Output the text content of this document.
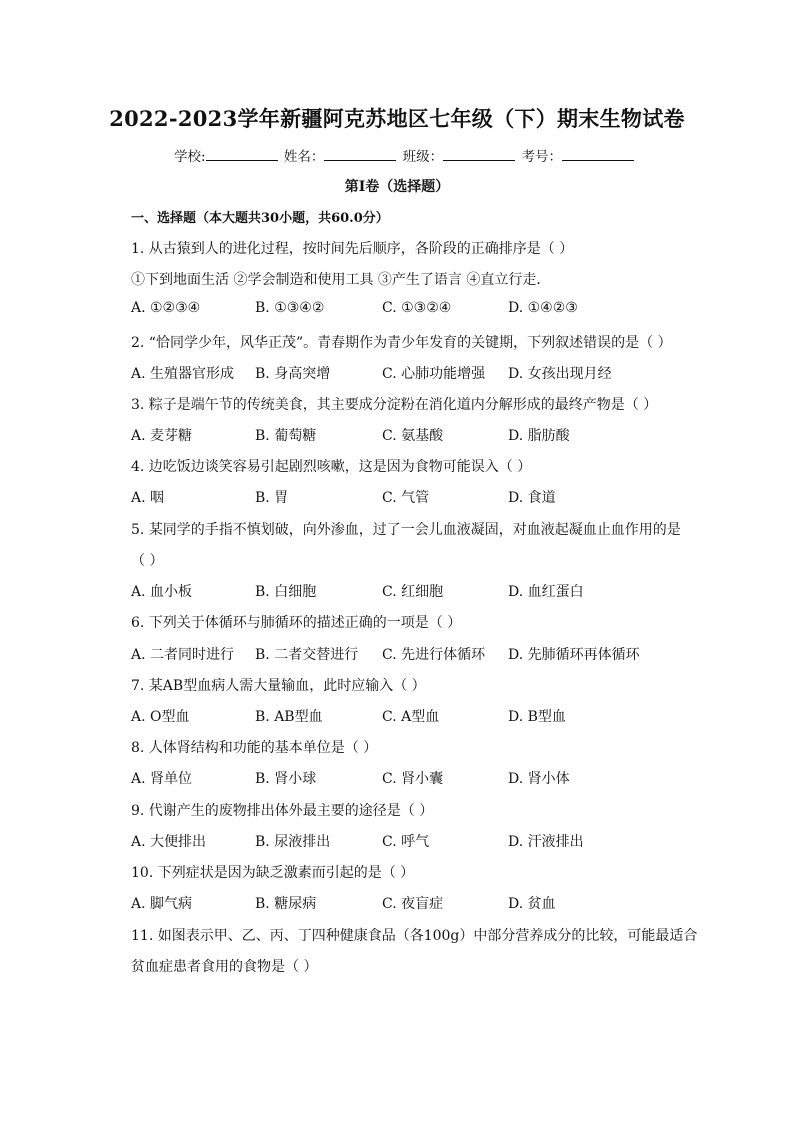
2022-2023学年新疆阿克苏地区七年级（下）期末生物试卷
学校:	姓名：	班级：	考号：
第I卷（选择题）
一、选择题（本大题共30小题，共60.0分）
1. 从古猿到人的进化过程，按时间先后顺序，各阶段的正确排序是（ ）
①下到地面生活 ②学会制造和使用工具 ③产生了语言 ④直立行走．
A. ①②③④	B. ①③④②	C. ①③②④	D. ①④②③
2. “恰同学少年，风华正茂”。青春期作为青少年发育的关键期，下列叙述错误的是（ ）
A. 生殖器官形成 B. 身高突增	C. 心肺功能增强 D. 女孩出现月经
3. 粽子是端午节的传统美食，其主要成分淀粉在消化道内分解形成的最终产物是（ ）
A. 麦芽糖	B. 葡萄糖	C. 氨基酸	D. 脂肪酸
4. 边吃饭边谈笑容易引起剧烈咳嗽，这是因为食物可能误入（ ）
A. 咽	B. 胃	C. 气管	D. 食道
5. 某同学的手指不慎划破，向外渗血，过了一会儿血液凝固，对血液起凝血止血作用的是
（ ）
A. 血小板	B. 白细胞	C. 红细胞	D. 血红蛋白
6. 下列关于体循环与肺循环的描述正确的一项是（ ）
A. 二者同时进行 B. 二者交替进行 C. 先进行体循环 D. 先肺循环再体循环
7. 某AB型血病人需大量输血，此时应输入（ ）
A. O型血	B. AB型血	C. A型血	D. B型血
8. 人体肾结构和功能的基本单位是（ ）
A. 肾单位	B. 肾小球	C. 肾小囊	D. 肾小体
9. 代谢产生的废物排出体外最主要的途径是（ ）
A. 大便排出	B. 尿液排出	C. 呼气	D. 汗液排出
10. 下列症状是因为缺乏激素而引起的是（ ）
A. 脚气病	B. 糖尿病	C. 夜盲症	D. 贫血
11. 如图表示甲、乙、丙、丁四种健康食品（各100g）中部分营养成分的比较，可能最适合
贫血症患者食用的食物是（ ）
